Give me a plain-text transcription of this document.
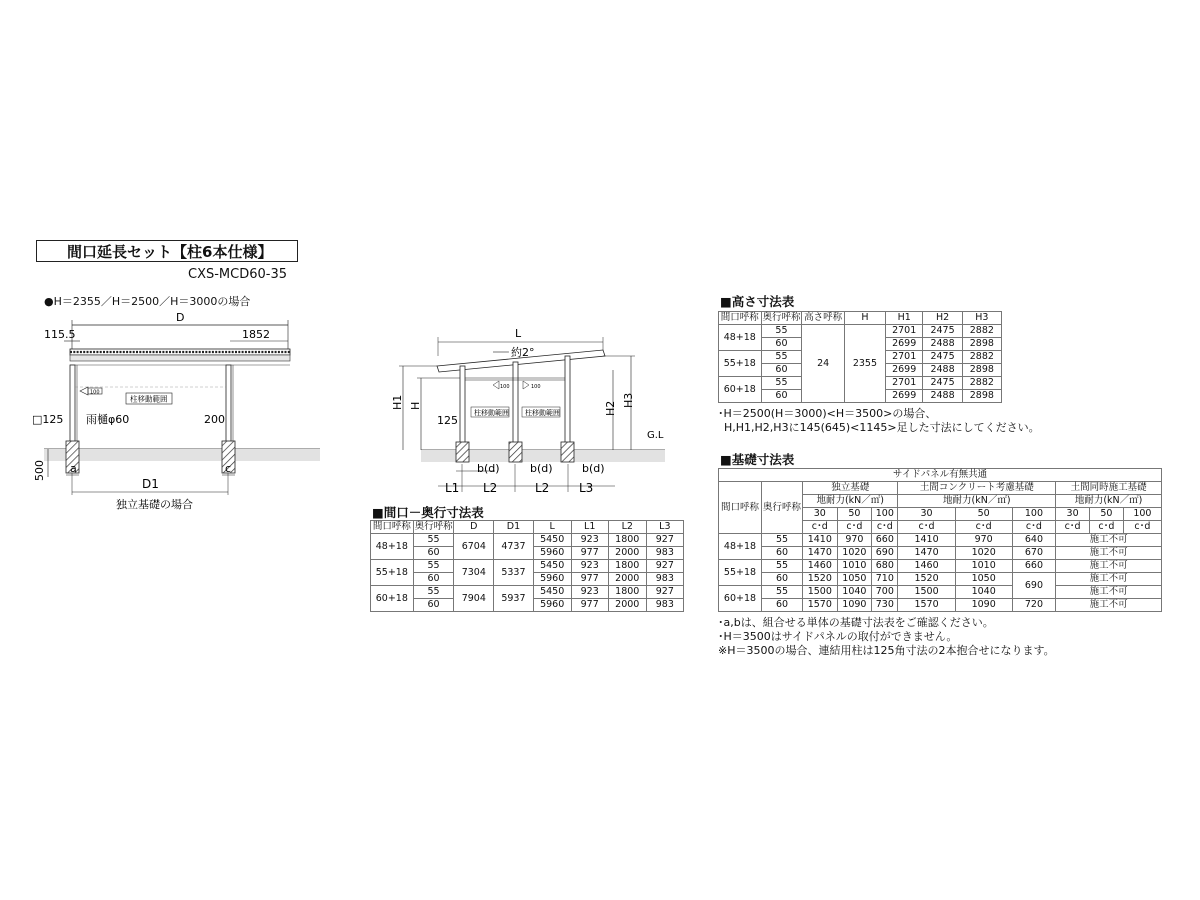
間口延長セット【柱6本仕様】
CXS-MCD60-35
●H＝2355／H＝2500／H＝3000の場合
D
115.5	1852
100
柱移動範囲
□125 雨樋φ60	200
500 a	c
D1
独立基礎の場合
L
約2°
100	100
柱移動範囲 柱移動範囲
H1 H
125
H2
H3
G.L
b(d)	b(d)	b(d)
L1 L2	L2 L3
■間口－奥行寸法表
間口呼称	奥行呼称	D	D1	L	L1	L2	L3
48+18	55	6704	4737	5450	923	1800	927
	60			5960	977	2000	983
55+18	55	7304	5337	5450	923	1800	927
	60			5960	977	2000	983
60+18	55	7904	5937	5450	923	1800	927
	60			5960	977	2000	983
■高さ寸法表
間口呼称	奥行呼称	高さ呼称	H	H1	H2	H3
48+18	55	24	2355	2701	2475	2882
	60			2699	2488	2898
55+18	55			2701	2475	2882
	60			2699	2488	2898
60+18	55			2701	2475	2882
	60			2699	2488	2898
･H＝2500(H＝3000)<H＝3500>の場合、
H,H1,H2,H3に145(645)<1145>足した寸法にしてください。
■基礎寸法表
サイドパネル有無共通										
間口呼称	奥行呼称	独立基礎			土間コンクリート考慮基礎			土間同時施工基礎		
		地耐力(kN／㎡)			地耐力(kN／㎡)			地耐力(kN／㎡)		
		30	50	100	30	50	100	30	50	100
		c･d	c･d	c･d	c･d	c･d	c･d	c･d	c･d	c･d
48+18	55	1410	970	660	1410	970	640	施工不可		
	60	1470	1020	690	1470	1020	670	施工不可		
55+18	55	1460	1010	680	1460	1010	660	施工不可		
	60	1520	1050	710	1520	1050	690	施工不可		
60+18	55	1500	1040	700	1500	1040		施工不可		
	60	1570	1090	730	1570	1090	720	施工不可		
･a,bは、組合せる単体の基礎寸法表をご確認ください。
･H＝3500はサイドパネルの取付ができません。
※H＝3500の場合、連結用柱は125角寸法の2本抱合せになります。
